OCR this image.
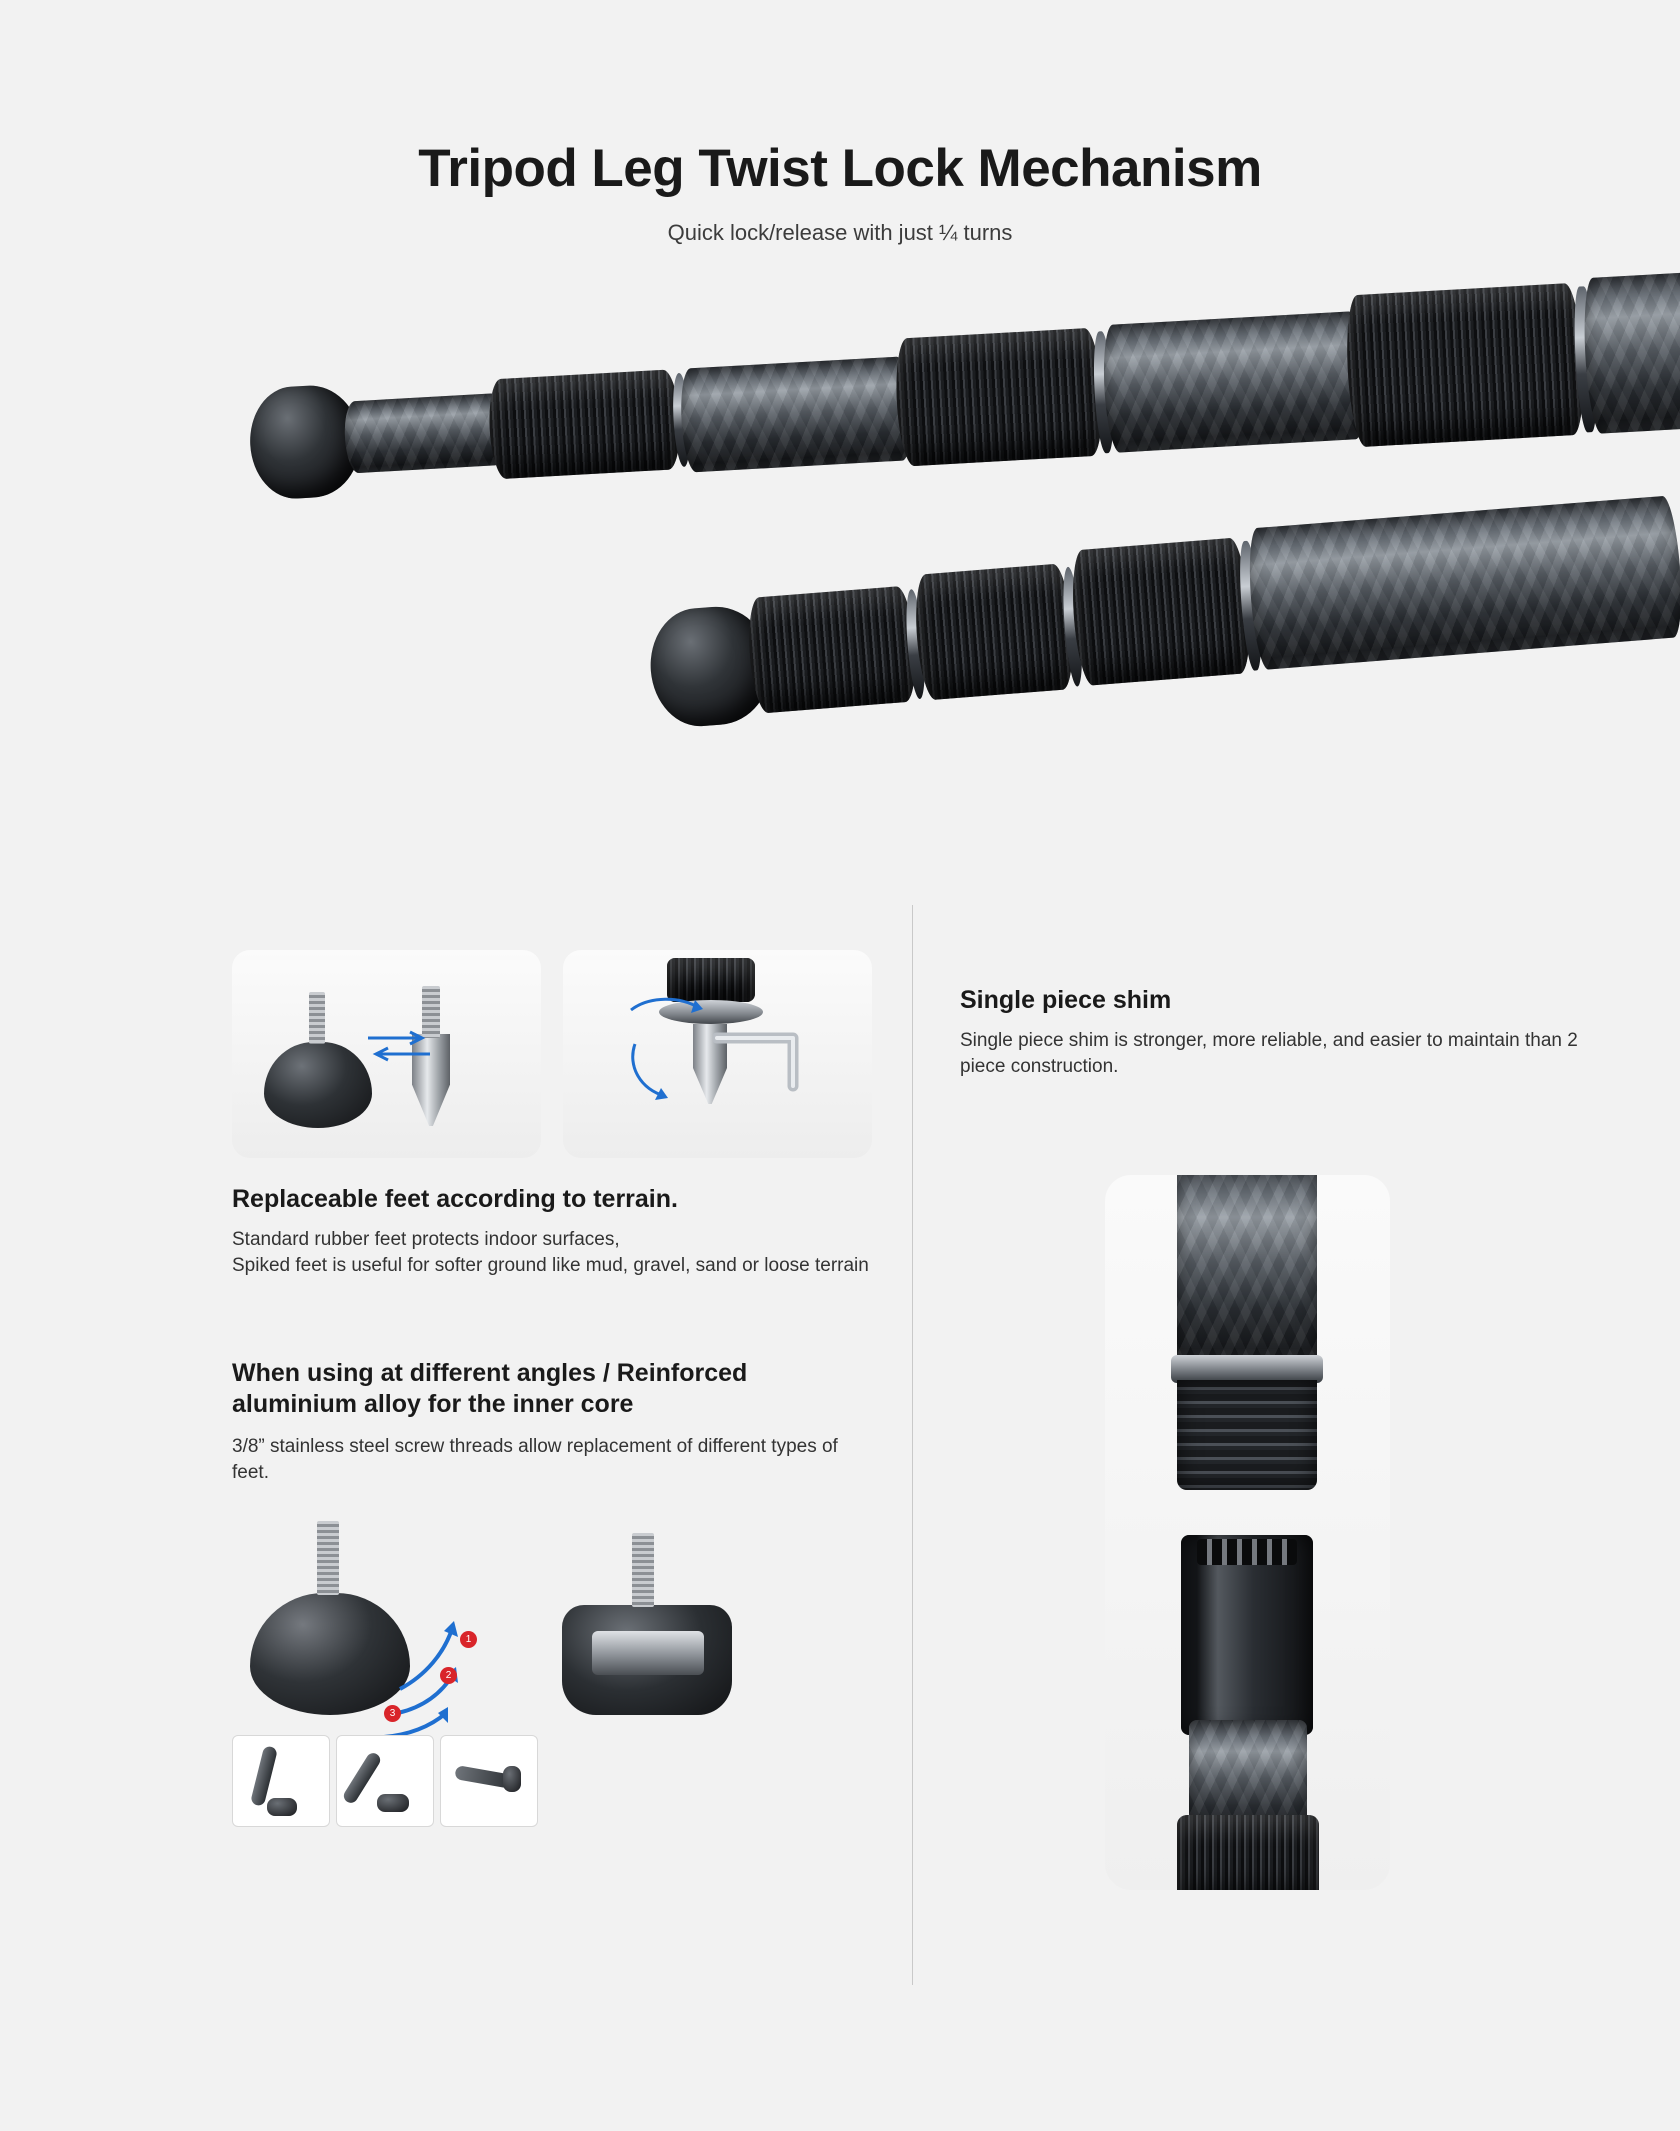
Tripod Leg Twist Lock Mechanism

Quick lock/release with just ¼ turns

Replaceable feet according to terrain.

Standard rubber feet protects indoor surfaces,
Spiked feet is useful for softer ground like mud, gravel, sand or loose terrain

When using at different angles / Reinforced aluminium alloy for the inner core

3/8” stainless steel screw threads allow replacement of different types of feet.

1
2
3
Single piece shim

Single piece shim is stronger, more reliable, and easier to maintain than 2 piece construction.
